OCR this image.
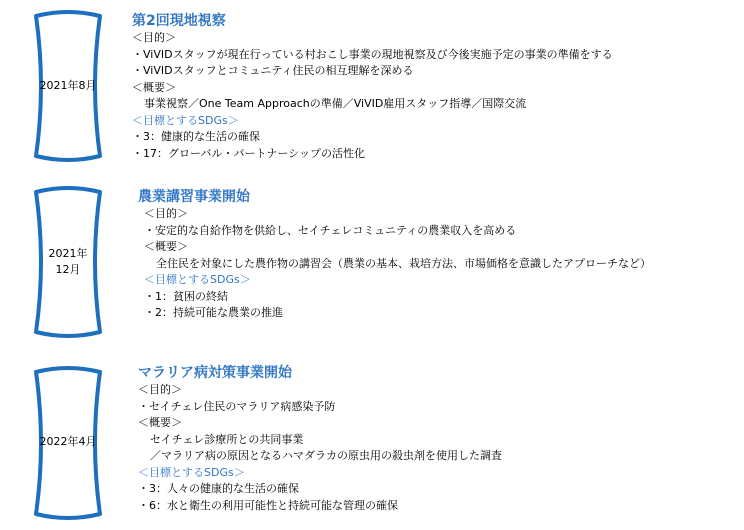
2021年8月
第2回現地視察
＜目的＞
・ViVIDスタッフが現在行っている村おこし事業の現地視察及び今後実施予定の事業の準備をする
・ViVIDスタッフとコミュニティ住民の相互理解を深める
＜概要＞
事業視察／One Team Approachの準備／ViVID雇用スタッフ指導／国際交流
＜目標とするSDGs＞
・3：健康的な生活の確保
・17：グローバル・パートナーシップの活性化
2021年
12月
農業講習事業開始
＜目的＞
・安定的な自給作物を供給し、セイチェレコミュニティの農業収入を高める
＜概要＞
全住民を対象にした農作物の講習会（農業の基本、栽培方法、市場価格を意識したアプローチなど）
＜目標とするSDGs＞
・1：貧困の終結
・2：持続可能な農業の推進
2022年4月
マラリア病対策事業開始
＜目的＞
・セイチェレ住民のマラリア病感染予防
＜概要＞
セイチェレ診療所との共同事業
／マラリア病の原因となるハマダラカの原虫用の殺虫剤を使用した調査
＜目標とするSDGs＞
・3：人々の健康的な生活の確保
・6：水と衛生の利用可能性と持続可能な管理の確保
